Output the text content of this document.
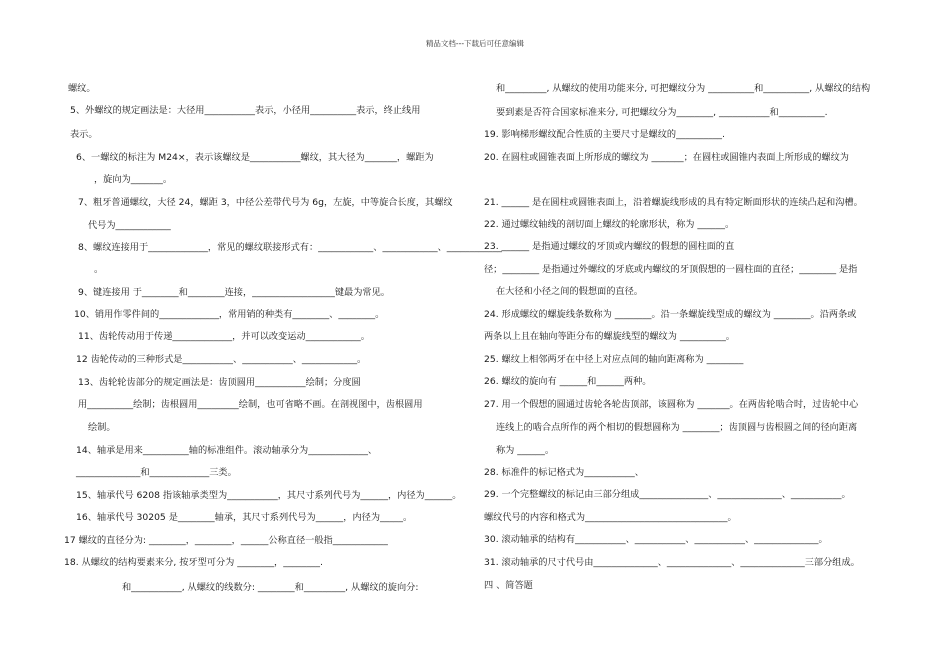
精品文档---下载后可任意编辑
螺纹。
5、外螺纹的规定画法是：大径用___________表示，小径用__________表示，终止线用
表示。
6、一螺纹的标注为 M24×，表示该螺纹是___________螺纹，其大径为_______，螺距为
，旋向为_______。
7、粗牙普通螺纹，大径 24，螺距 3，中径公差带代号为 6g，左旋，中等旋合长度，其螺纹
代号为____________
8、螺纹连接用于_____________，常见的螺纹联接形式有：____________、____________、____________
。
9、键连接用 于________和________连接，__________________键最为常见。
10、销用作零件间的_____________，常用销的种类有________、________。
11、齿轮传动用于传递_____________，并可以改变运动____________。
12 齿轮传动的三种形式是___________、___________、____________。
13、齿轮轮齿部分的规定画法是：齿顶圆用___________绘制；分度圆
用__________绘制；齿根圆用_________绘制，也可省略不画。在剖视图中，齿根圆用
绘制。
14、轴承是用来__________轴的标准组件。滚动轴承分为_____________、
______________和_____________三类。
15、轴承代号 6208 指该轴承类型为___________，其尺寸系列代号为______，内径为______。
16、轴承代号 30205 是________轴承，其尺寸系列代号为______，内径为_____。
17 螺纹的直径分为: ________，________，______公称直径一般指____________
18. 从螺纹的结构要素来分, 按牙型可分为 ________，________.
和___________, 从螺纹的线数分: ________和_________, 从螺纹的旋向分:
和_________, 从螺纹的使用功能来分, 可把螺纹分为 __________和__________, 从螺纹的结构
要到素是否符合国家标准来分, 可把螺纹分为________, ___________和__________.
19. 影响梯形螺纹配合性质的主要尺寸是螺纹的__________.
20. 在圆柱或圆锥表面上所形成的螺纹为 _______；在圆柱或圆锥内表面上所形成的螺纹为
21. ______ 是在圆柱或圆锥表面上，沿着螺旋线形成的具有特定断面形状的连续凸起和沟槽。
22. 通过螺纹轴线的剖切面上螺纹的轮廓形状，称为 ______。
23. ______ 是指通过螺纹的牙顶或内螺纹的假想的圆柱面的直
径；________ 是指通过外螺纹的牙底或内螺纹的牙顶假想的一圆柱面的直径；________ 是指
在大径和小径之间的假想面的直径。
24. 形成螺纹的螺旋线条数称为 ________。沿一条螺旋线型成的螺纹为 ________。沿两条或
两条以上且在轴向等距分布的螺旋线型的螺纹为 __________。
25. 螺纹上相邻两牙在中径上对应点间的轴向距离称为 ________
26. 螺纹的旋向有 ______和______两种。
27. 用一个假想的圆通过齿轮各轮齿顶部，该圆称为 _______。在两齿轮啮合时，过齿轮中心
连线上的啮合点所作的两个相切的假想圆称为 ________；齿顶圆与齿根圆之间的径向距离
称为 ______。
28. 标准件的标记格式为___________、
29. 一个完整螺纹的标记由三部分组成_______________、______________、___________。
螺纹代号的内容和格式为_______________________________。
30. 滚动轴承的结构有___________、___________、___________、______________。
31. 滚动轴承的尺寸代号由______________、______________、______________三部分组成。
四 、简答题
